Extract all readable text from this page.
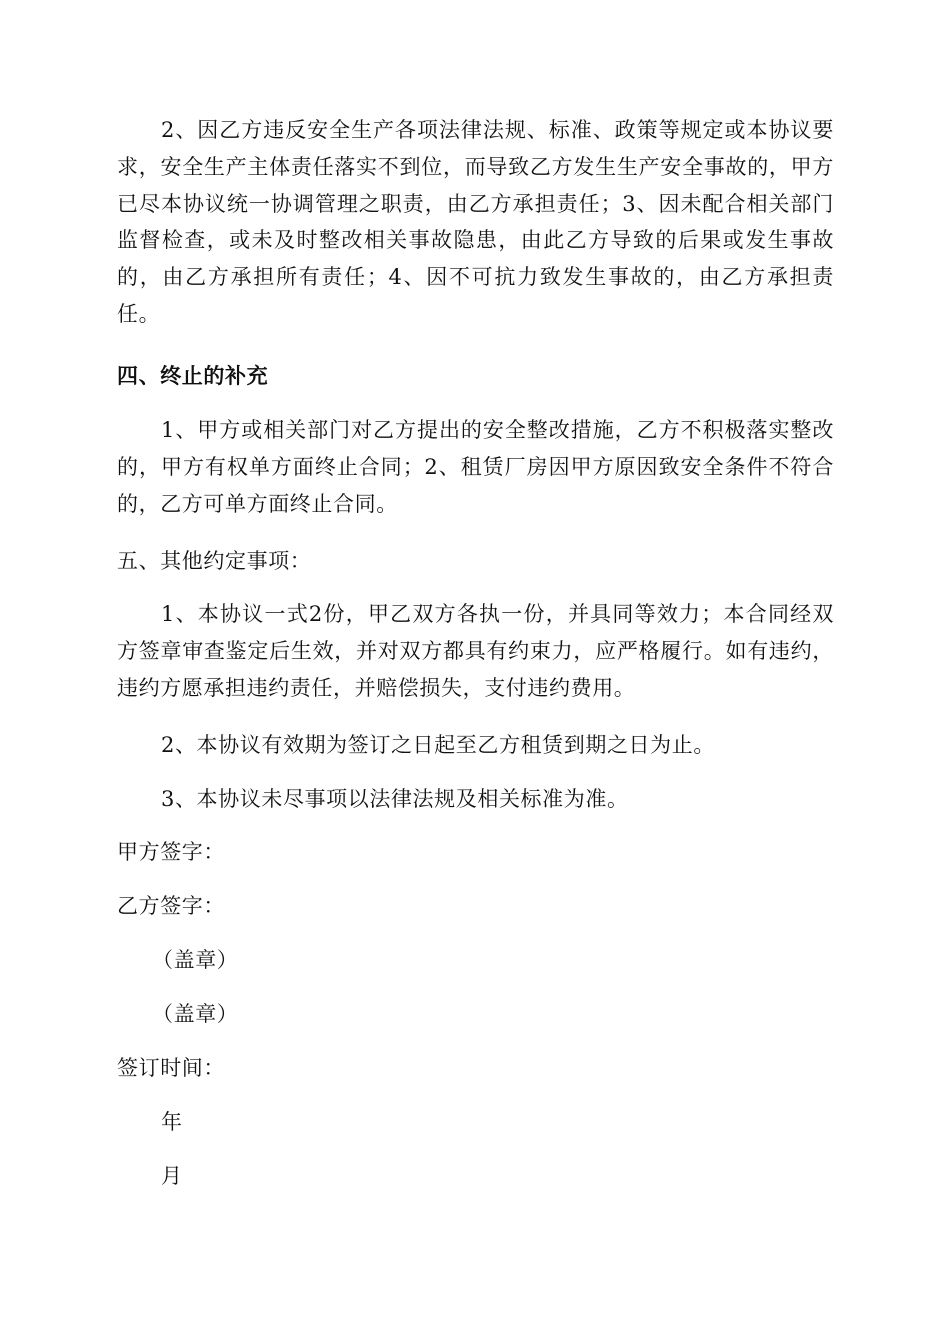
2、因乙方违反安全生产各项法律法规、标准、政策等规定或本协议要求，安全生产主体责任落实不到位，而导致乙方发生生产安全事故的，甲方已尽本协议统一协调管理之职责，由乙方承担责任；3、因未配合相关部门监督检查，或未及时整改相关事故隐患，由此乙方导致的后果或发生事故的，由乙方承担所有责任；4、因不可抗力致发生事故的，由乙方承担责任。

四、终止的补充

1、甲方或相关部门对乙方提出的安全整改措施，乙方不积极落实整改的，甲方有权单方面终止合同；2、租赁厂房因甲方原因致安全条件不符合的，乙方可单方面终止合同。

五、其他约定事项：

1、本协议一式2份，甲乙双方各执一份，并具同等效力；本合同经双方签章审查鉴定后生效，并对双方都具有约束力，应严格履行。如有违约，违约方愿承担违约责任，并赔偿损失，支付违约费用。

2、本协议有效期为签订之日起至乙方租赁到期之日为止。

3、本协议未尽事项以法律法规及相关标准为准。

甲方签字：

乙方签字：

（盖章）

（盖章）

签订时间：

年

月
